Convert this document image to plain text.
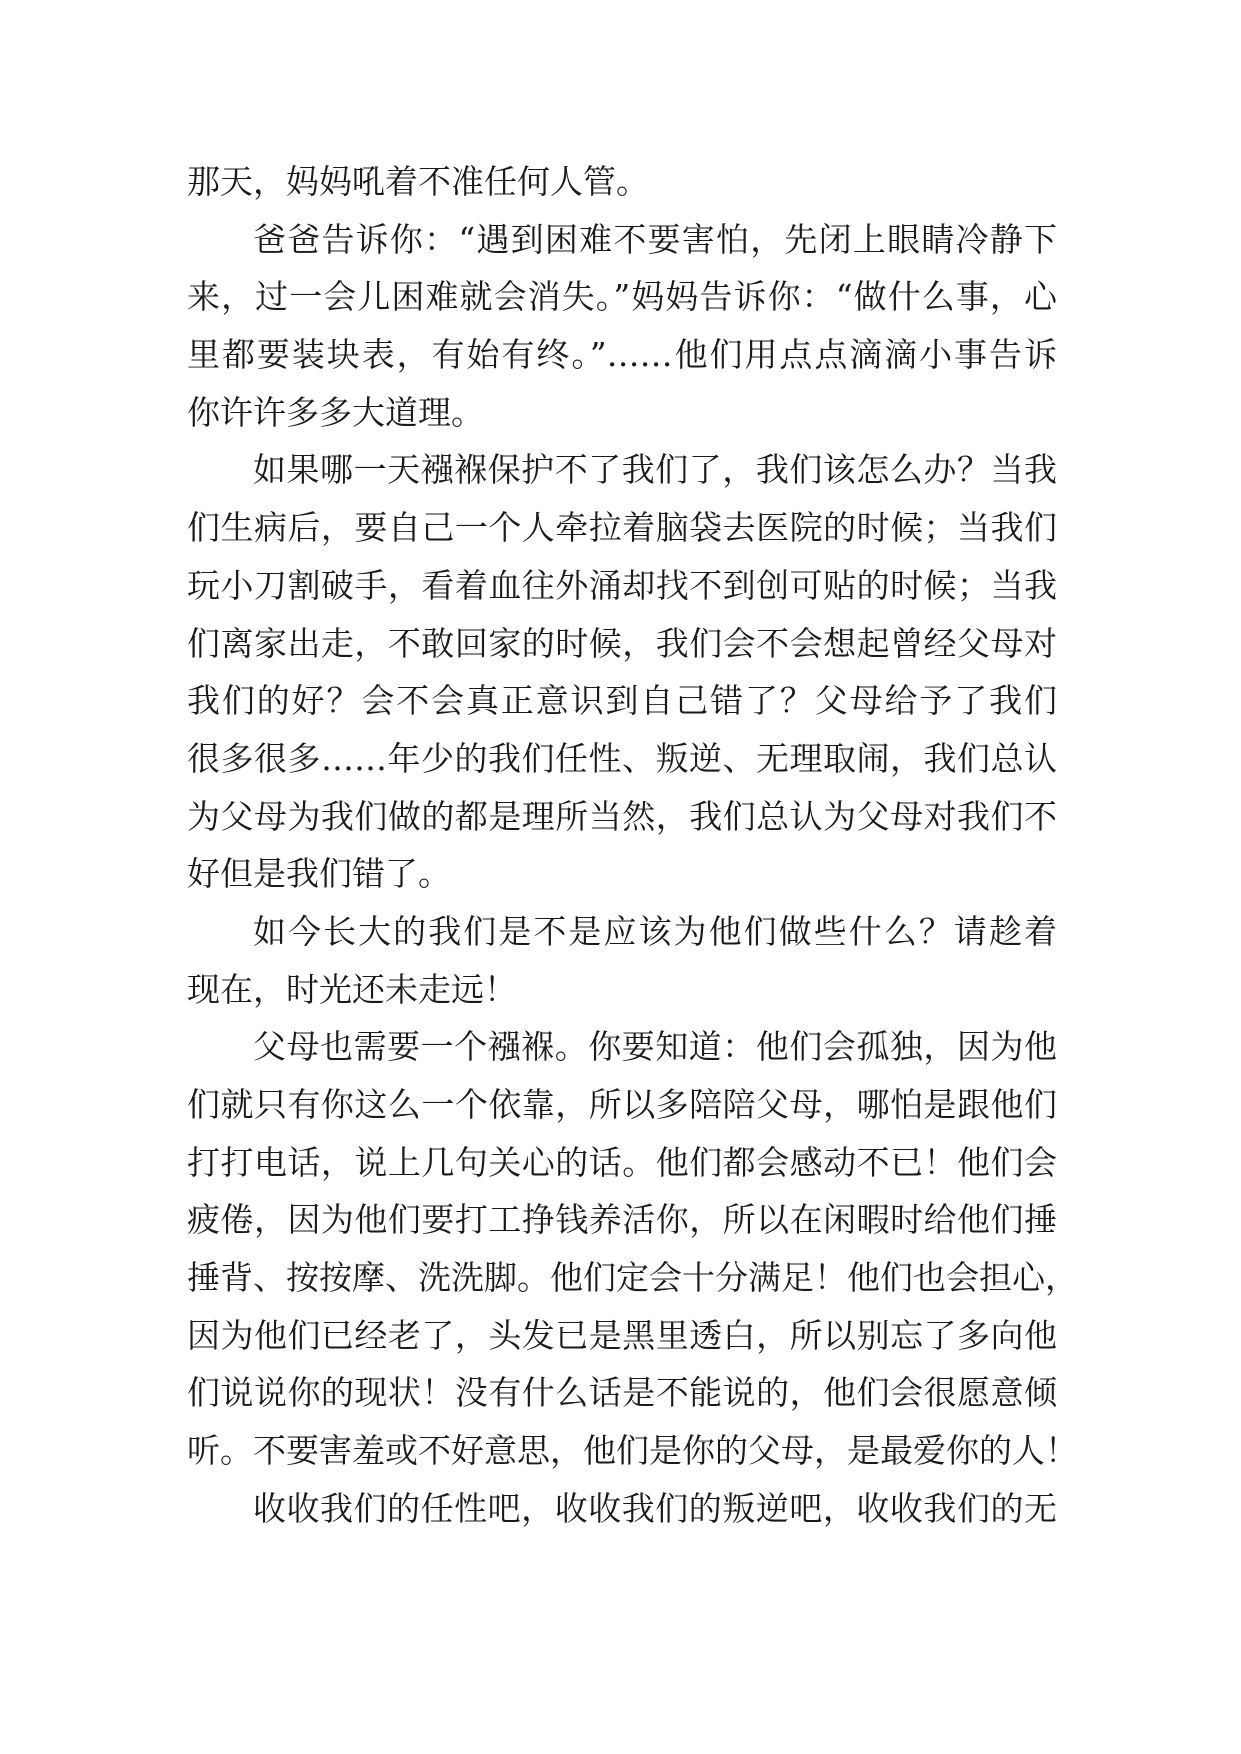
那天，妈妈吼着不准任何人管。
爸爸告诉你：“遇到困难不要害怕，先闭上眼睛冷静下
来，过一会儿困难就会消失。”妈妈告诉你：“做什么事，心
里都要装块表，有始有终。”……他们用点点滴滴小事告诉
你许许多多大道理。
如果哪一天襁褓保护不了我们了，我们该怎么办？当我
们生病后，要自己一个人牵拉着脑袋去医院的时候；当我们
玩小刀割破手，看着血往外涌却找不到创可贴的时候；当我
们离家出走，不敢回家的时候，我们会不会想起曾经父母对
我们的好？会不会真正意识到自己错了？父母给予了我们
很多很多……年少的我们任性、叛逆、无理取闹，我们总认
为父母为我们做的都是理所当然，我们总认为父母对我们不
好但是我们错了。
如今长大的我们是不是应该为他们做些什么？请趁着
现在，时光还未走远！
父母也需要一个襁褓。你要知道：他们会孤独，因为他
们就只有你这么一个依靠，所以多陪陪父母，哪怕是跟他们
打打电话，说上几句关心的话。他们都会感动不已！他们会
疲倦，因为他们要打工挣钱养活你，所以在闲暇时给他们捶
捶背、按按摩、洗洗脚。他们定会十分满足！他们也会担心，
因为他们已经老了，头发已是黑里透白，所以别忘了多向他
们说说你的现状！没有什么话是不能说的，他们会很愿意倾
听。不要害羞或不好意思，他们是你的父母，是最爱你的人！
收收我们的任性吧，收收我们的叛逆吧，收收我们的无
